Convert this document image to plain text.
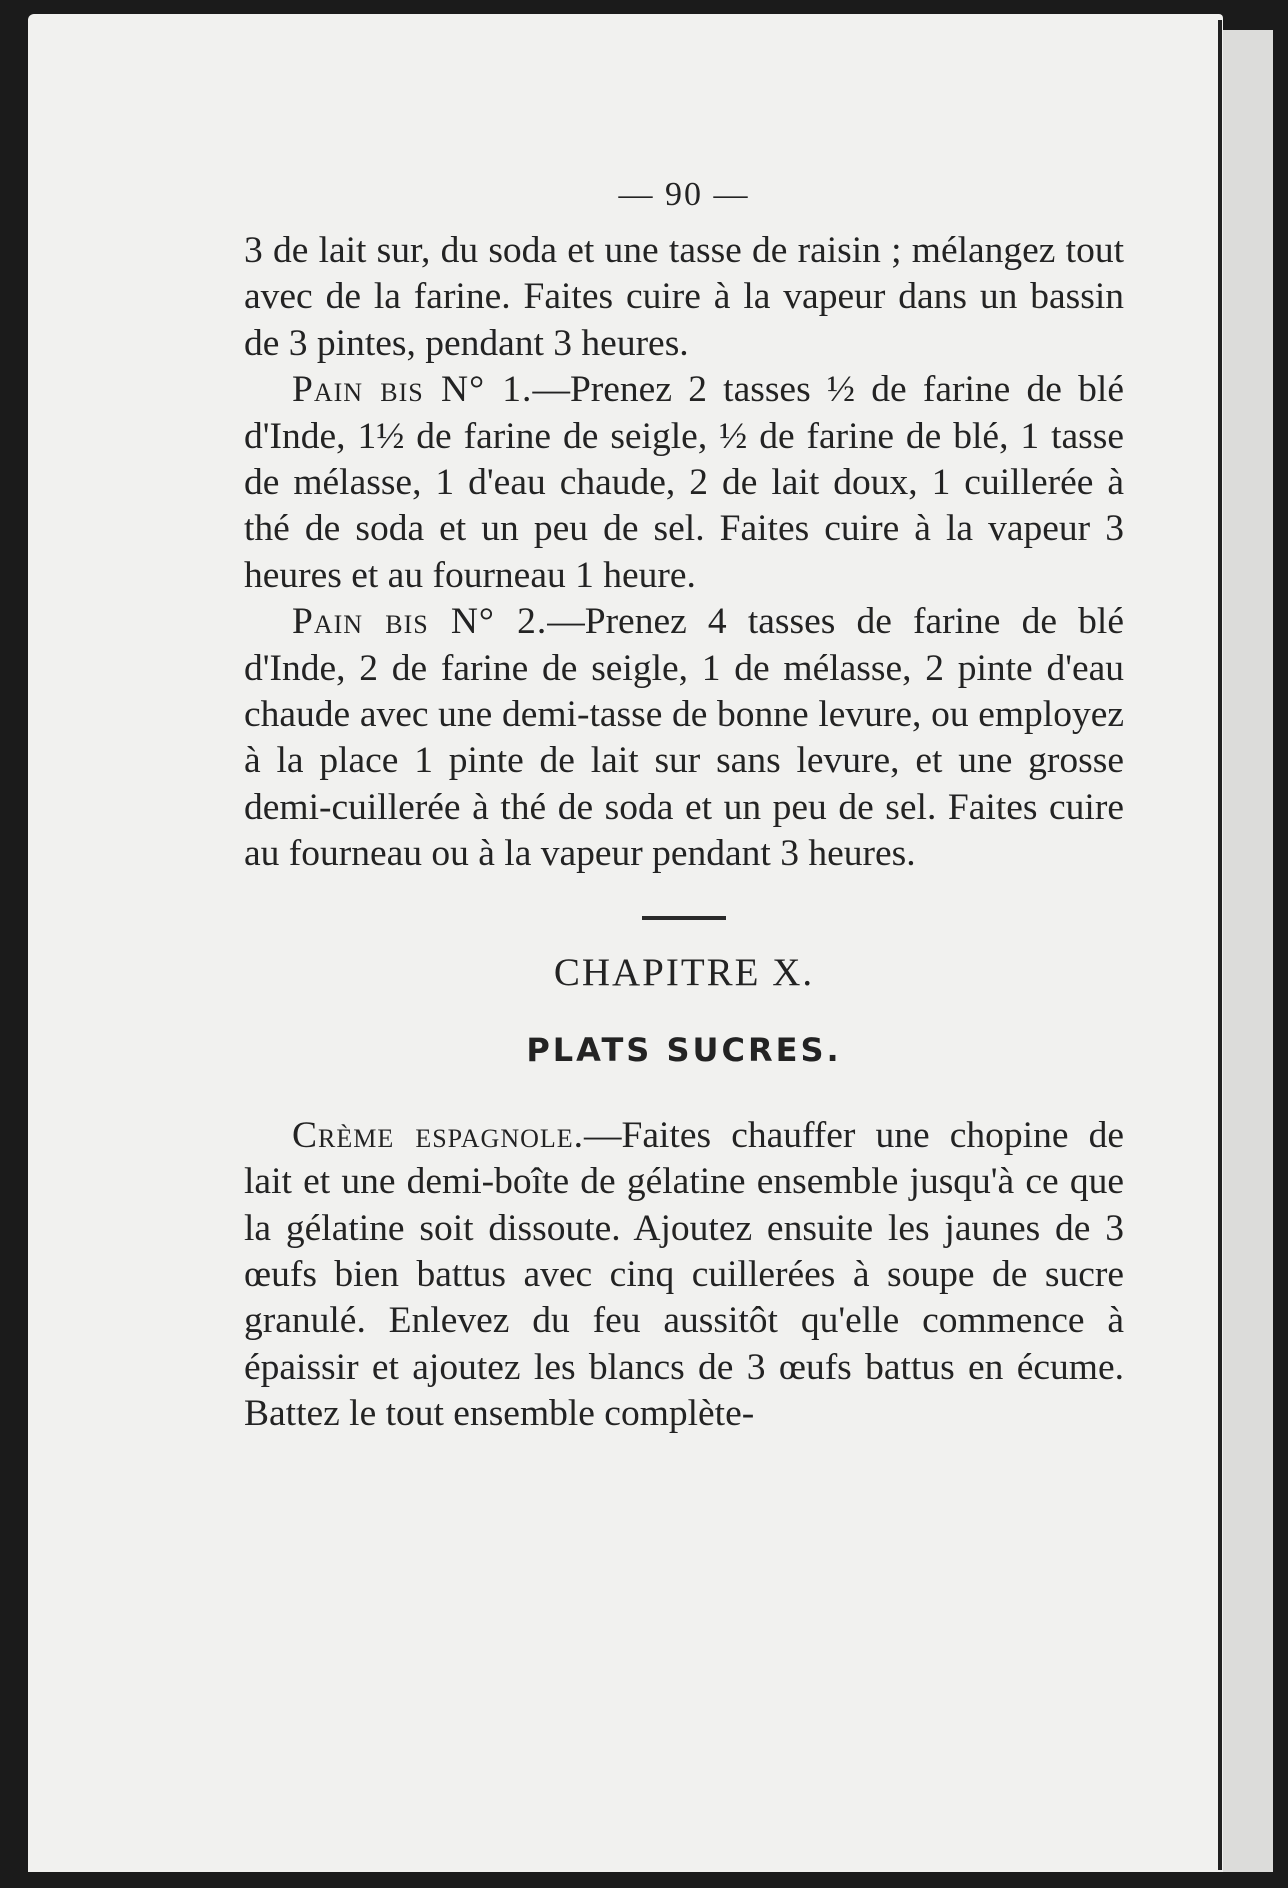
— 90 —

3 de lait sur, du soda et une tasse de raisin ; mélangez tout avec de la farine. Faites cuire à la vapeur dans un bassin de 3 pintes, pendant 3 heures.

Pain bis N° 1.—Prenez 2 tasses ½ de farine de blé d'Inde, 1½ de farine de seigle, ½ de farine de blé, 1 tasse de mélasse, 1 d'eau chaude, 2 de lait doux, 1 cuillerée à thé de soda et un peu de sel. Faites cuire à la vapeur 3 heures et au fourneau 1 heure.

Pain bis N° 2.—Prenez 4 tasses de farine de blé d'Inde, 2 de farine de seigle, 1 de mélasse, 2 pinte d'eau chaude avec une demi-tasse de bonne levure, ou employez à la place 1 pinte de lait sur sans levure, et une grosse demi-cuillerée à thé de soda et un peu de sel. Faites cuire au fourneau ou à la vapeur pendant 3 heures.

CHAPITRE X.
PLATS SUCRES.

Crème espagnole.—Faites chauffer une chopine de lait et une demi-boîte de gélatine ensemble jusqu'à ce que la gélatine soit dissoute. Ajoutez ensuite les jaunes de 3 œufs bien battus avec cinq cuillerées à soupe de sucre granulé. Enlevez du feu aussitôt qu'elle commence à épaissir et ajoutez les blancs de 3 œufs battus en écume. Battez le tout ensemble complète-
